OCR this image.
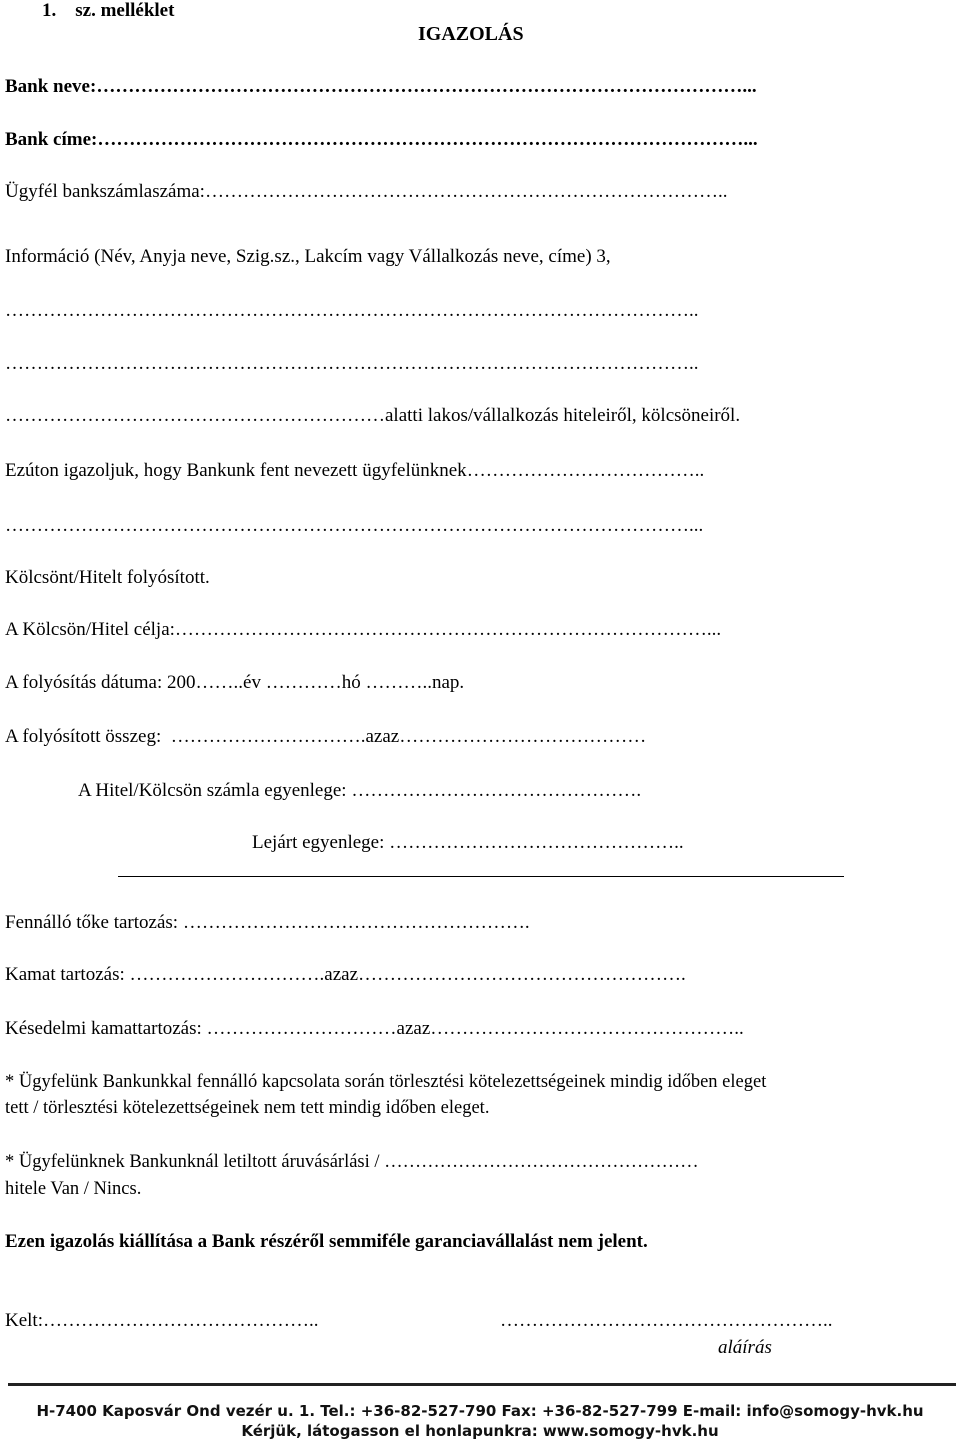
1. sz. melléklet
IGAZOLÁS
Bank neve:…………………………………………………………………………………………...
Bank címe:…………………………………………………………………………………………...
Ügyfél bankszámlaszáma:………………………………………………………………………..
Információ (Név, Anyja neve, Szig.sz., Lakcím vagy Vállalkozás neve, címe) 3,
………………………………………………………………………………………………..
………………………………………………………………………………………………..
……………………………………………………alatti lakos/vállalkozás hiteleiről, kölcsöneiről.
Ezúton igazoljuk, hogy Bankunk fent nevezett ügyfelünknek………………………………..
………………………………………………………………………………………………...
Kölcsönt/Hitelt folyósított.
A Kölcsön/Hitel célja:…………………………………………………………………………...
A folyósítás dátuma: 200……..év …………hó ………..nap.
A folyósított összeg: ………………………….azaz…………………………………
A Hitel/Kölcsön számla egyenlege: ……………………………………….
Lejárt egyenlege: ………………………………………..
Fennálló tőke tartozás: ……………………………………………….
Kamat tartozás: ………………………….azaz…………………………………………….
Késedelmi kamattartozás: …………………………azaz…………………………………………..
* Ügyfelünk Bankunkkal fennálló kapcsolata során törlesztési kötelezettségeinek mindig időben eleget
tett / törlesztési kötelezettségeinek nem tett mindig időben eleget.
* Ügyfelünknek Bankunknál letiltott áruvásárlási / ……………………………………………
hitele Van / Nincs.
Ezen igazolás kiállítása a Bank részéről semmiféle garanciavállalást nem jelent.
Kelt:……………………………………..	……………………………………………..
aláírás
H-7400 Kaposvár Ond vezér u. 1. Tel.: +36-82-527-790 Fax: +36-82-527-799 E-mail: info@somogy-hvk.hu
Kérjük, látogasson el honlapunkra: www.somogy-hvk.hu
